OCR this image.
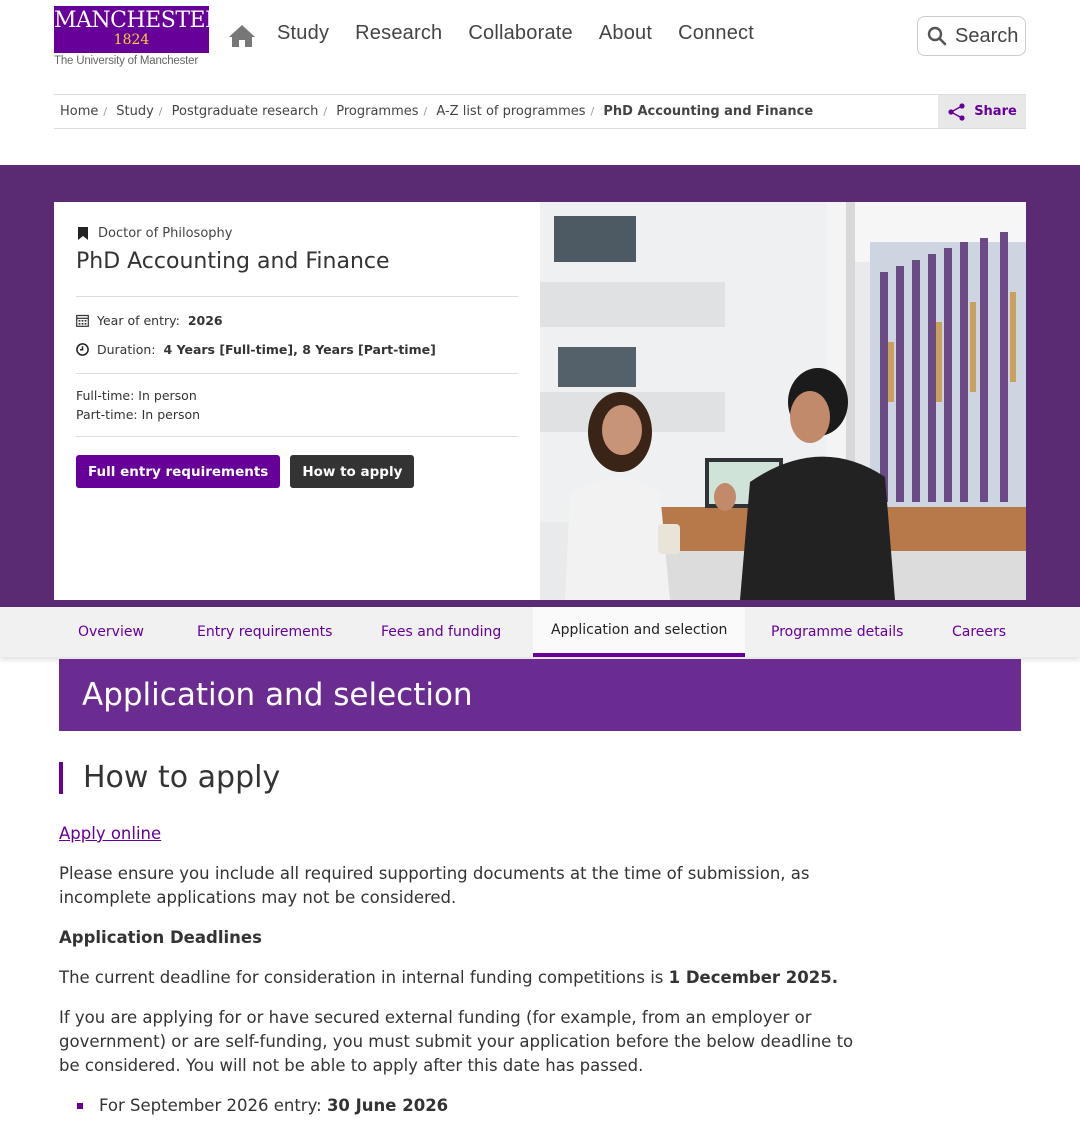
MANCHESTER
1824
The University of Manchester
Study Research Collaborate About Connect	Search
Home / Study / Postgraduate research / Programmes / A-Z list of programmes / PhD Accounting and Finance	Share
Doctor of Philosophy
PhD Accounting and Finance
Year of entry: 2026
Duration: 4 Years [Full-time], 8 Years [Part-time]
Full-time: In person
Part-time: In person
Full entry requirements	How to apply
Overview	Entry requirements	Fees and funding	Application and selection	Programme details	Careers
Application and selection
How to apply

Apply online

Please ensure you include all required supporting documents at the time of submission, as incomplete applications may not be considered.

Application Deadlines

The current deadline for consideration in internal funding competitions is 1 December 2025.

If you are applying for or have secured external funding (for example, from an employer or government) or are self-funding, you must submit your application before the below deadline to be considered. You will not be able to apply after this date has passed.

For September 2026 entry: 30 June 2026
